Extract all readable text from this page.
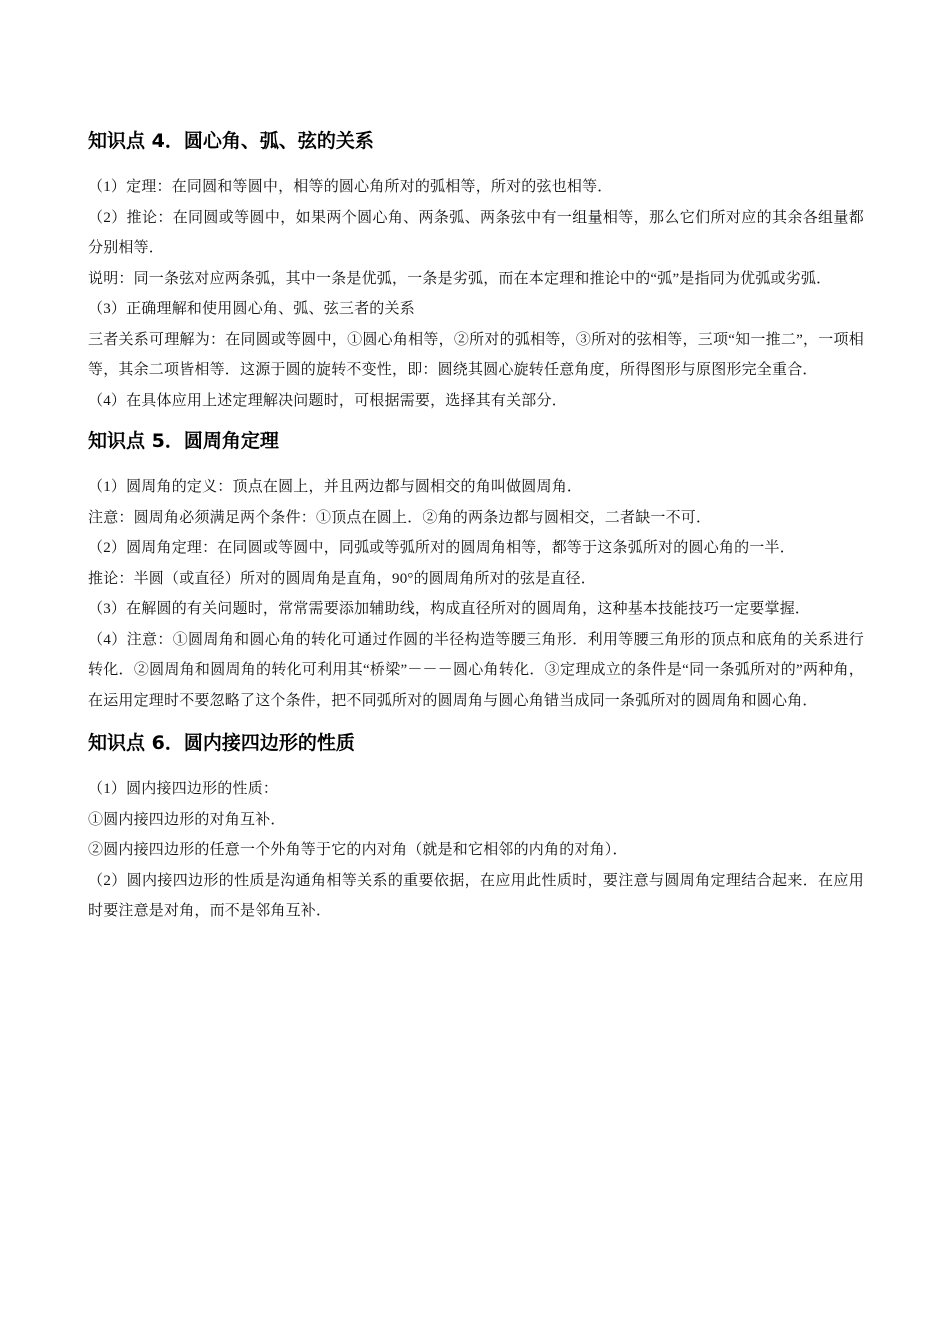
知识点 4．圆心角、弧、弦的关系

（1）定理：在同圆和等圆中，相等的圆心角所对的弧相等，所对的弦也相等．

（2）推论：在同圆或等圆中，如果两个圆心角、两条弧、两条弦中有一组量相等，那么它们所对应的其余各组量都分别相等．

说明：同一条弦对应两条弧，其中一条是优弧，一条是劣弧，而在本定理和推论中的“弧”是指同为优弧或劣弧．

（3）正确理解和使用圆心角、弧、弦三者的关系

三者关系可理解为：在同圆或等圆中，①圆心角相等，②所对的弧相等，③所对的弦相等，三项“知一推二”，一项相等，其余二项皆相等．这源于圆的旋转不变性，即：圆绕其圆心旋转任意角度，所得图形与原图形完全重合．

（4）在具体应用上述定理解决问题时，可根据需要，选择其有关部分．

知识点 5．圆周角定理

（1）圆周角的定义：顶点在圆上，并且两边都与圆相交的角叫做圆周角．

注意：圆周角必须满足两个条件：①顶点在圆上．②角的两条边都与圆相交，二者缺一不可．

（2）圆周角定理：在同圆或等圆中，同弧或等弧所对的圆周角相等，都等于这条弧所对的圆心角的一半．

推论：半圆（或直径）所对的圆周角是直角，90°的圆周角所对的弦是直径．

（3）在解圆的有关问题时，常常需要添加辅助线，构成直径所对的圆周角，这种基本技能技巧一定要掌握．

（4）注意：①圆周角和圆心角的转化可通过作圆的半径构造等腰三角形．利用等腰三角形的顶点和底角的关系进行转化．②圆周角和圆周角的转化可利用其“桥梁”－－－圆心角转化．③定理成立的条件是“同一条弧所对的”两种角，在运用定理时不要忽略了这个条件，把不同弧所对的圆周角与圆心角错当成同一条弧所对的圆周角和圆心角．

知识点 6．圆内接四边形的性质

（1）圆内接四边形的性质：

①圆内接四边形的对角互补．

②圆内接四边形的任意一个外角等于它的内对角（就是和它相邻的内角的对角）．

（2）圆内接四边形的性质是沟通角相等关系的重要依据，在应用此性质时，要注意与圆周角定理结合起来．在应用时要注意是对角，而不是邻角互补．
